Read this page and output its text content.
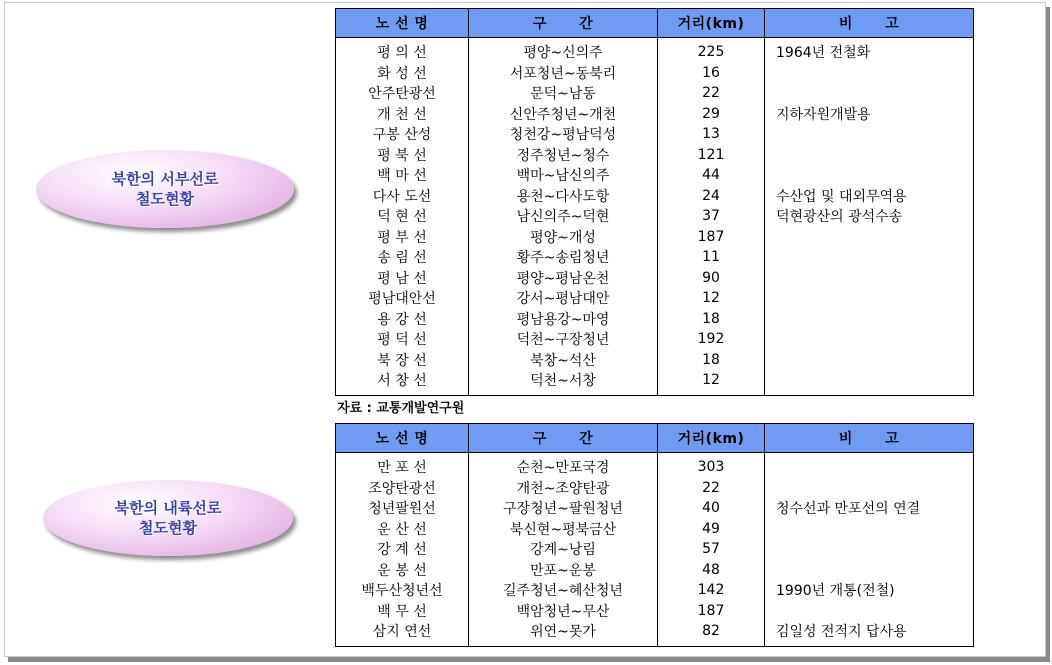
북한의 서부선로
철도현황
북한의 내륙선로
철도현황
노 선 명	구      간	거리(km)	비      고
평 의 선	평양~신의주	225	1964년 전철화
화 성 선	서포청년~동북리	16	
안주탄광선	문덕~남동	22	
개 천 선	신안주청년~개천	29	지하자원개발용
구봉 산성	청천강~평남덕성	13	
평 북 선	정주청년~청수	121	
백 마 선	백마~남신의주	44	
다사 도선	용천~다사도항	24	수산업 및 대외무역용
덕 현 선	남신의주~덕현	37	덕현광산의 광석수송
평 부 선	평양~개성	187	
송 림 선	황주~송림청년	11	
평 남 선	평양~평남온천	90	
평남대안선	강서~평남대안	12	
용 강 선	평남용강~마영	18	
평 덕 선	덕천~구장청년	192	
북 장 선	북창~석산	18	
서 창 선	덕천~서창	12	
자료 : 교통개발연구원
노 선 명	구      간	거리(km)	비      고
만 포 선	순천~만포국경	303	
조양탄광선	개천~조양탄광	22	
청년팔원선	구장청년~팔원청년	40	청수선과 만포선의 연결
운 산 선	북신현~평북금산	49	
강 계 선	강계~낭림	57	
운 봉 선	만포~운봉	48	
백두산청년선	길주청년~혜산청년	142	1990년 개통(전철)
백 무 선	백암청년~무산	187	
삼지 연선	위연~못가	82	김일성 전적지 답사용
